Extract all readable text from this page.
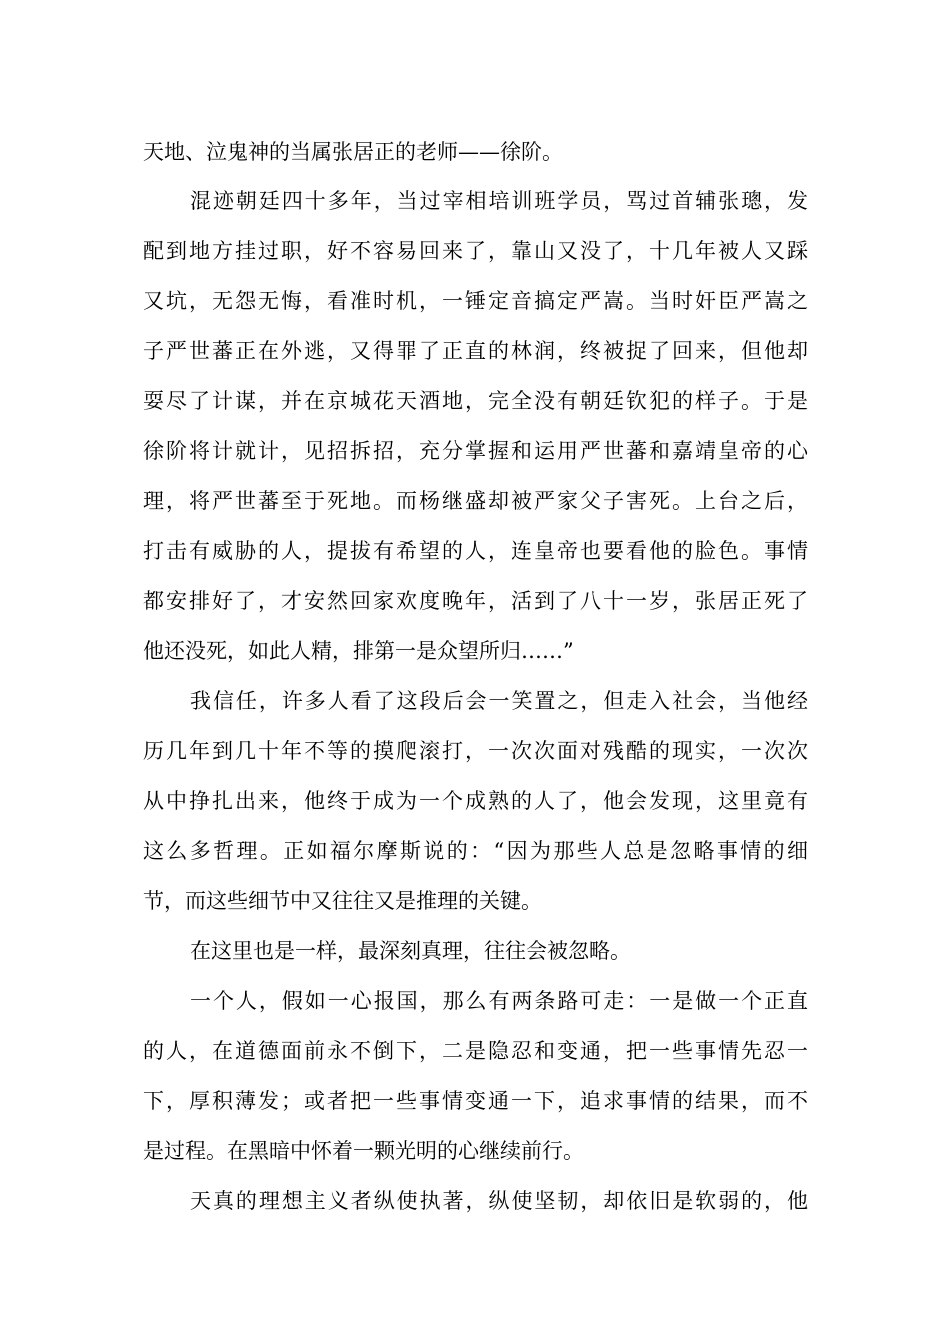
天地、泣鬼神的当属张居正的老师——徐阶。
混迹朝廷四十多年，当过宰相培训班学员，骂过首辅张璁，发
配到地方挂过职，好不容易回来了，靠山又没了，十几年被人又踩
又坑，无怨无悔，看准时机，一锤定音搞定严嵩。当时奸臣严嵩之
子严世蕃正在外逃，又得罪了正直的林润，终被捉了回来，但他却
耍尽了计谋，并在京城花天酒地，完全没有朝廷钦犯的样子。于是
徐阶将计就计，见招拆招，充分掌握和运用严世蕃和嘉靖皇帝的心
理，将严世蕃至于死地。而杨继盛却被严家父子害死。上台之后，
打击有威胁的人，提拔有希望的人，连皇帝也要看他的脸色。事情
都安排好了，才安然回家欢度晚年，活到了八十一岁，张居正死了
他还没死，如此人精，排第一是众望所归……”
我信任，许多人看了这段后会一笑置之，但走入社会，当他经
历几年到几十年不等的摸爬滚打，一次次面对残酷的现实，一次次
从中挣扎出来，他终于成为一个成熟的人了，他会发现，这里竟有
这么多哲理。正如福尔摩斯说的：“因为那些人总是忽略事情的细
节，而这些细节中又往往又是推理的关键。
在这里也是一样，最深刻真理，往往会被忽略。
一个人，假如一心报国，那么有两条路可走：一是做一个正直
的人，在道德面前永不倒下，二是隐忍和变通，把一些事情先忍一
下，厚积薄发；或者把一些事情变通一下，追求事情的结果，而不
是过程。在黑暗中怀着一颗光明的心继续前行。
天真的理想主义者纵使执著，纵使坚韧，却依旧是软弱的，他
